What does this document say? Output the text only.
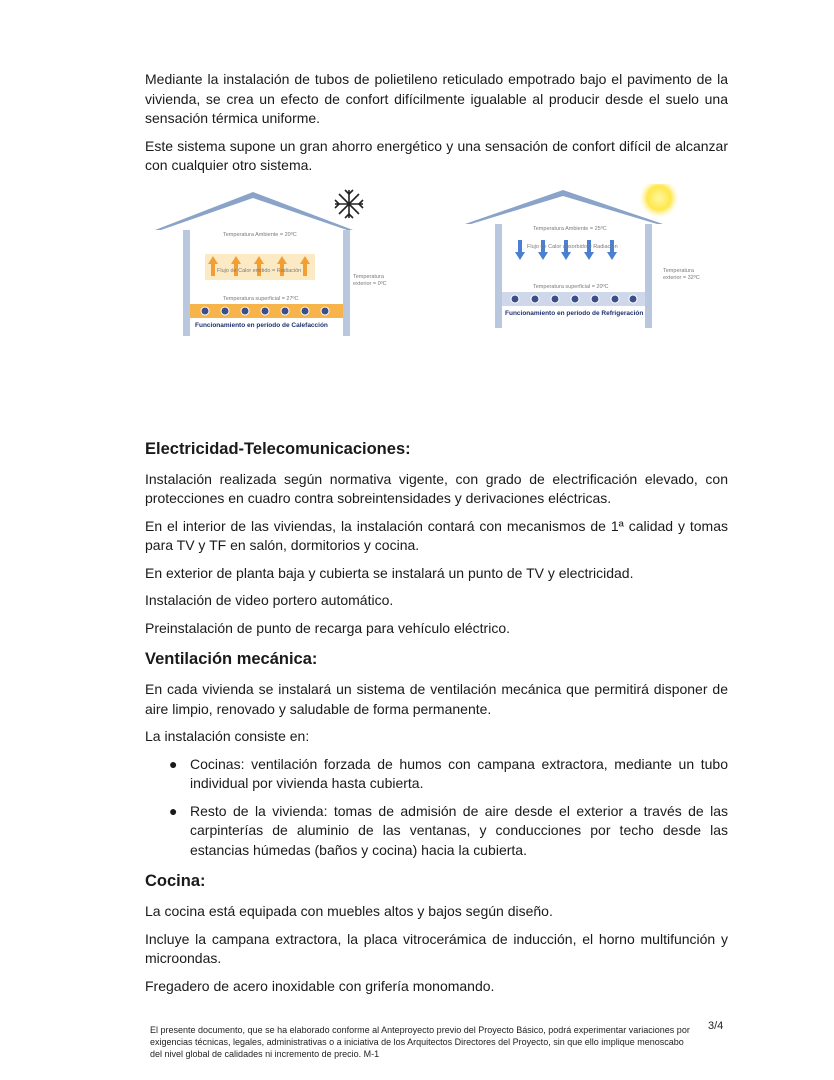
Mediante la instalación de tubos de polietileno reticulado empotrado bajo el pavimento de la vivienda, se crea un efecto de confort difícilmente igualable al producir desde el suelo una sensación térmica uniforme.

Este sistema supone un gran ahorro energético y una sensación de confort difícil de alcanzar con cualquier otro sistema.

Temperatura Ambiente = 20ºC
Flujo de Calor emitido = Radiación
Temperatura
exterior = 0ºC
Temperatura superficial = 27ºC
Funcionamiento en período de Calefacción
Temperatura Ambiente = 25ºC
Flujo de Calor absorbido = Radiación
Temperatura
exterior = 32ºC
Temperatura superficial = 20ºC
Funcionamiento en período de Refrigeración
Electricidad-Telecomunicaciones:

Instalación realizada según normativa vigente, con grado de electrificación elevado, con protecciones en cuadro contra sobreintensidades y derivaciones eléctricas.

En el interior de las viviendas, la instalación contará con mecanismos de 1ª calidad y tomas para TV y TF en salón, dormitorios y cocina.

En exterior de planta baja y cubierta se instalará un punto de TV y electricidad.

Instalación de video portero automático.

Preinstalación de punto de recarga para vehículo eléctrico.

Ventilación mecánica:

En cada vivienda se instalará un sistema de ventilación mecánica que permitirá disponer de aire limpio, renovado y saludable de forma permanente.

La instalación consiste en:

● Cocinas: ventilación forzada de humos con campana extractora, mediante un tubo individual por vivienda hasta cubierta.
● Resto de la vivienda: tomas de admisión de aire desde el exterior a través de las carpinterías de aluminio de las ventanas, y conducciones por techo desde las estancias húmedas (baños y cocina) hacia la cubierta.
Cocina:

La cocina está equipada con muebles altos y bajos según diseño.

Incluye la campana extractora, la placa vitrocerámica de inducción, el horno multifunción y microondas.

Fregadero de acero inoxidable con grifería monomando.

El presente documento, que se ha elaborado conforme al Anteproyecto previo del Proyecto Básico, podrá experimentar variaciones por exigencias técnicas, legales, administrativas o a iniciativa de los Arquitectos Directores del Proyecto, sin que ello implique menoscabo del nivel global de calidades ni incremento de precio. M-1
3/4
